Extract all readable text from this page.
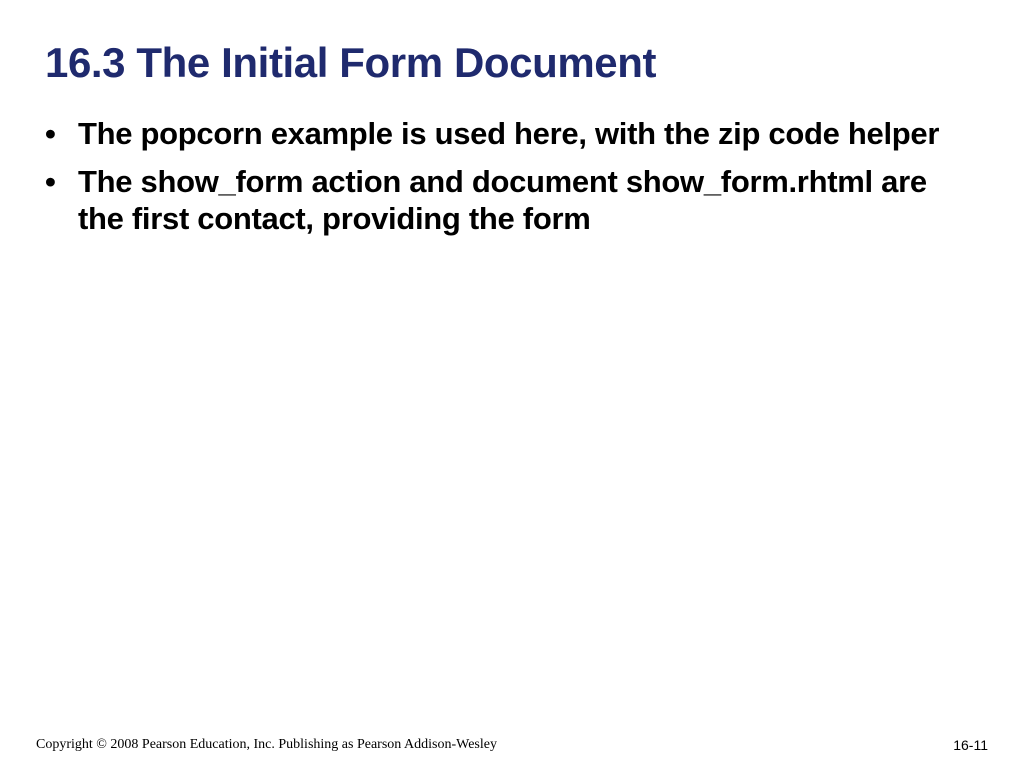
16.3 The Initial Form Document
• The popcorn example is used here, with the zip code helper
• The show_form action and document show_form.rhtml are the first contact, providing the form
Copyright © 2008 Pearson Education, Inc. Publishing as Pearson Addison-Wesley	16-11
